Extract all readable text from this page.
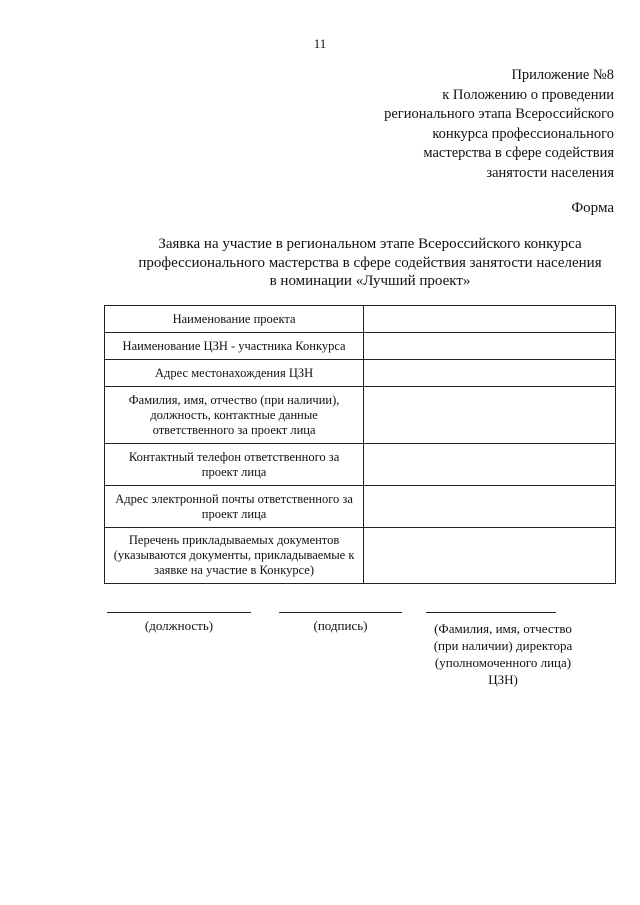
11
Приложение №8
к Положению о проведении
регионального этапа Всероссийского
конкурса профессионального
мастерства в сфере содействия
занятости населения
Форма
Заявка на участие в региональном этапе Всероссийского конкурса
профессионального мастерства в сфере содействия занятости населения
в номинации «Лучший проект»
Наименование проекта	
Наименование ЦЗН - участника Конкурса	
Адрес местонахождения ЦЗН	
Фамилия, имя, отчество (при наличии), должность, контактные данные ответственного за проект лица	
Контактный телефон ответственного за проект лица	
Адрес электронной почты ответственного за проект лица	
Перечень прикладываемых документов (указываются документы, прикладываемые к заявке на участие в Конкурсе)	
(должность)	(подпись)	(Фамилия, имя, отчество
(при наличии) директора
(уполномоченного лица)
ЦЗН)
